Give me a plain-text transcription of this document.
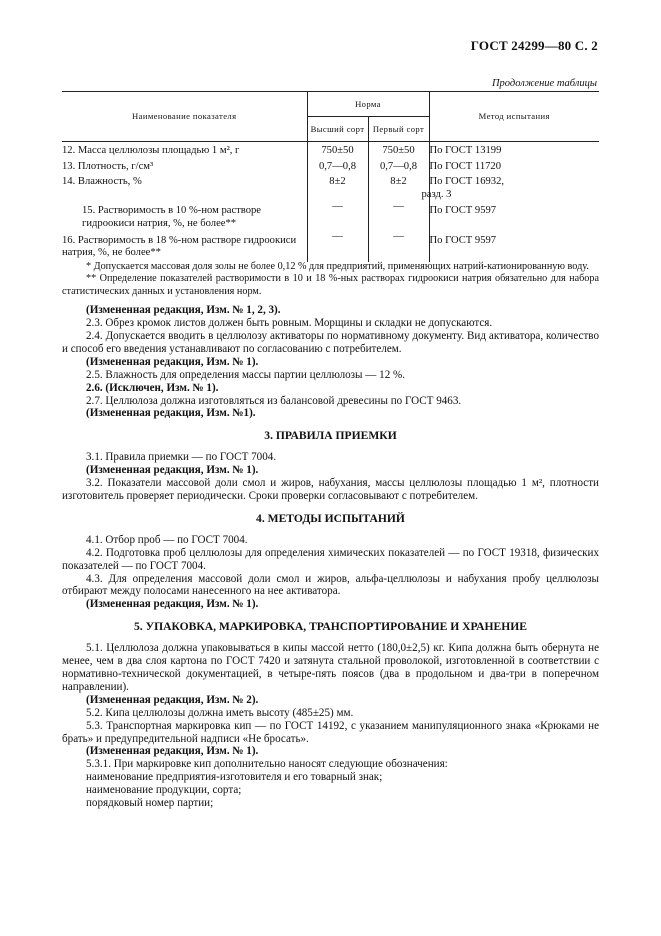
ГОСТ 24299—80 С. 2
Продолжение таблицы
Наименование показателя	Норма		Метод испытания
	Высший сорт	Первый сорт	
12. Масса целлюлозы площадью 1 м², г	750±50	750±50	По ГОСТ 13199
13. Плотность, г/см³	0,7—0,8	0,7—0,8	По ГОСТ 11720
14. Влажность, %	8±2	8±2	По ГОСТ 16932,
разд. 3

15. Растворимость в 10 %-ном растворе гидроокиси натрия, %, не более**	—	—	По ГОСТ 9597
16. Растворимость в 18 %-ном растворе гидроокиси натрия, %, не более**	—	—	По ГОСТ 9597
* Допускается массовая доля золы не более 0,12 % для предприятий, применяющих натрий-катионированную воду.
** Определение показателей растворимости в 10 и 18 %-ных растворах гидроокиси натрия обязательно для набора статистических данных и установления норм.
(Измененная редакция, Изм. № 1, 2, 3).
2.3. Обрез кромок листов должен быть ровным. Морщины и складки не допускаются.
2.4. Допускается вводить в целлюлозу активаторы по нормативному документу. Вид активатора, количество и способ его введения устанавливают по согласованию с потребителем.
(Измененная редакция, Изм. № 1).
2.5. Влажность для определения массы партии целлюлозы — 12 %.
2.6. (Исключен, Изм. № 1).
2.7. Целлюлоза должна изготовляться из балансовой древесины по ГОСТ 9463.
(Измененная редакция, Изм. №1).
3. ПРАВИЛА ПРИЕМКИ
3.1. Правила приемки — по ГОСТ 7004.
(Измененная редакция, Изм. № 1).
3.2. Показатели массовой доли смол и жиров, набухания, массы целлюлозы площадью 1 м², плотности изготовитель проверяет периодически. Сроки проверки согласовывают с потребителем.
4. МЕТОДЫ ИСПЫТАНИЙ
4.1. Отбор проб — по ГОСТ 7004.
4.2. Подготовка проб целлюлозы для определения химических показателей — по ГОСТ 19318, физических показателей — по ГОСТ 7004.
4.3. Для определения массовой доли смол и жиров, альфа-целлюлозы и набухания пробу целлюлозы отбирают между полосами нанесенного на нее активатора.
(Измененная редакция, Изм. № 1).
5. УПАКОВКА, МАРКИРОВКА, ТРАНСПОРТИРОВАНИЕ И ХРАНЕНИЕ
5.1. Целлюлоза должна упаковываться в кипы массой нетто (180,0±2,5) кг. Кипа должна быть обернута не менее, чем в два слоя картона по ГОСТ 7420 и затянута стальной проволокой, изготовленной в соответствии с нормативно-технической документацией, в четыре-пять поясов (два в продольном и два-три в поперечном направлении).
(Измененная редакция, Изм. № 2).
5.2. Кипа целлюлозы должна иметь высоту (485±25) мм.
5.3. Транспортная маркировка кип — по ГОСТ 14192, с указанием манипуляционного знака «Крюками не брать» и предупредительной надписи «Не бросать».
(Измененная редакция, Изм. № 1).
5.3.1. При маркировке кип дополнительно наносят следующие обозначения:
наименование предприятия-изготовителя и его товарный знак;
наименование продукции, сорта;
порядковый номер партии;
